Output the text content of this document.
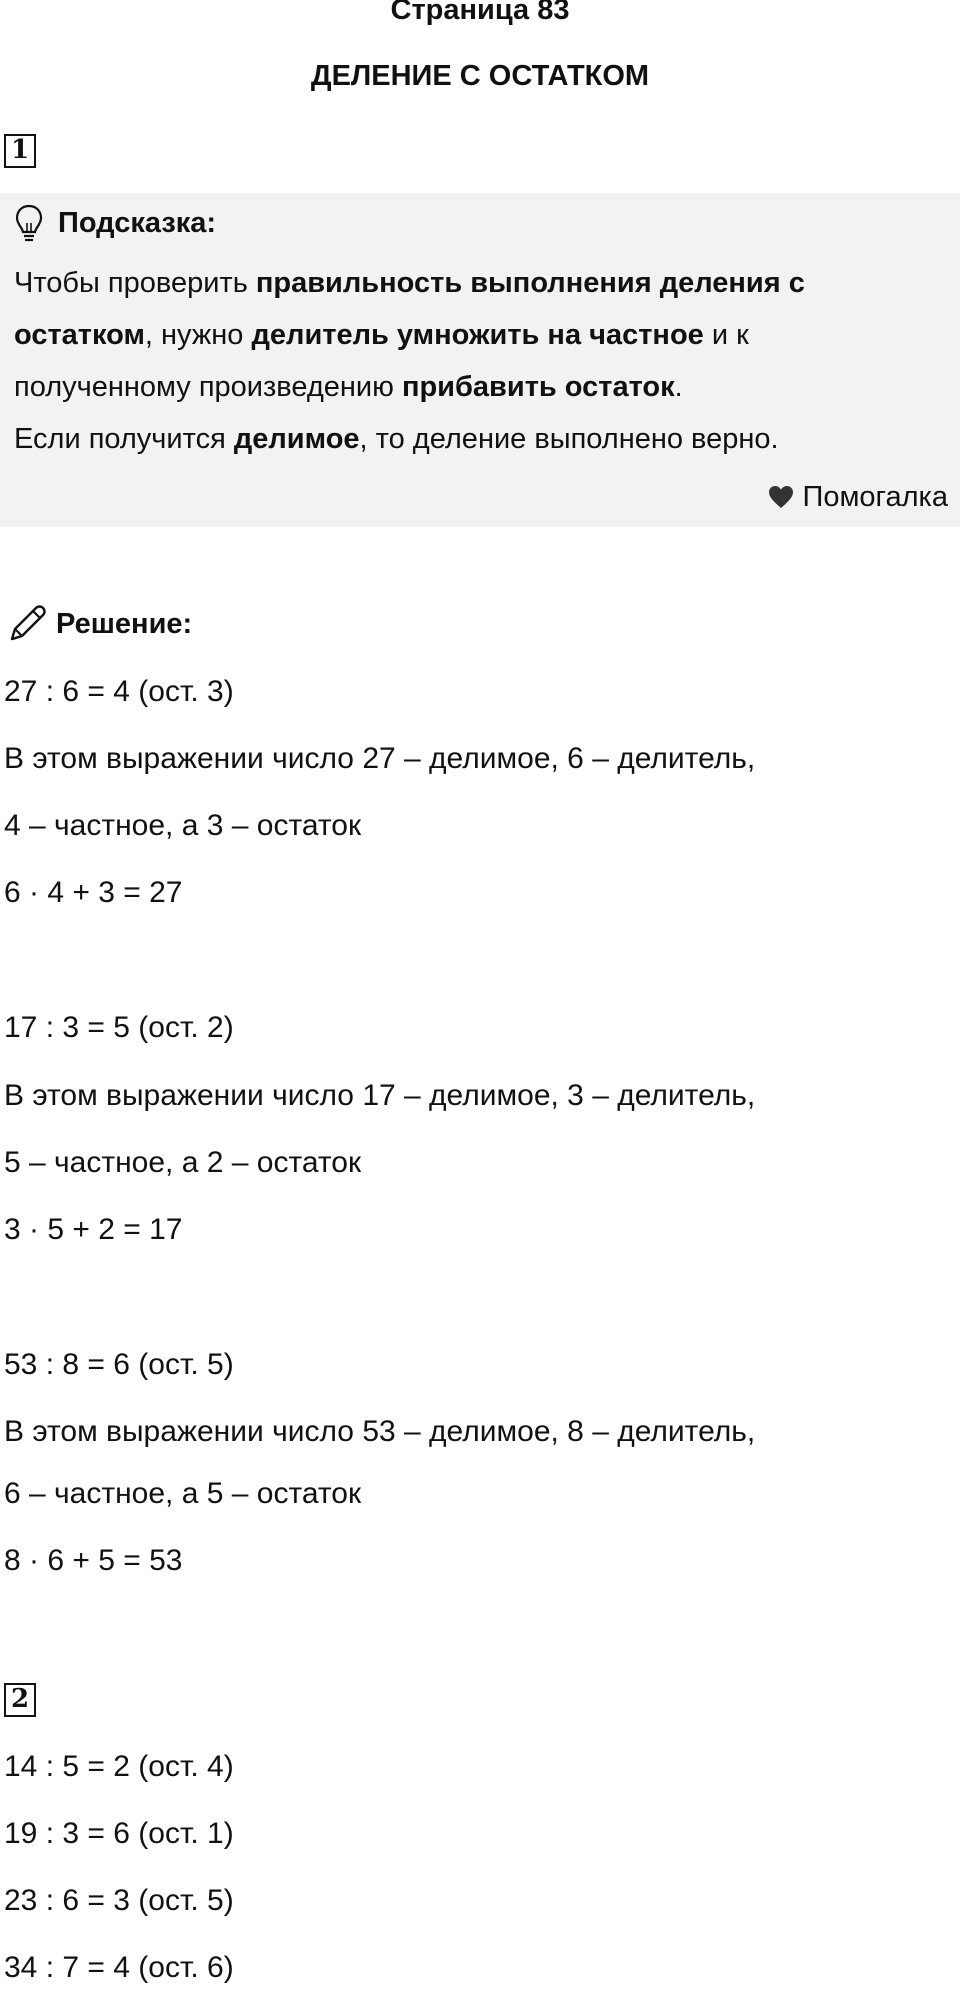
Страница 83
ДЕЛЕНИЕ С ОСТАТКОМ
1
Подсказка:
Чтобы проверить правильность выполнения деления с
остатком, нужно делитель умножить на частное и к
полученному произведению прибавить остаток.
Если получится делимое, то деление выполнено верно.
Помогалка
Решение:
27 : 6 = 4 (ост. 3)
В этом выражении число 27 – делимое, 6 – делитель,
4 – частное, а 3 – остаток
6 · 4 + 3 = 27
17 : 3 = 5 (ост. 2)
В этом выражении число 17 – делимое, 3 – делитель,
5 – частное, а 2 – остаток
3 · 5 + 2 = 17
53 : 8 = 6 (ост. 5)
В этом выражении число 53 – делимое, 8 – делитель,
6 – частное, а 5 – остаток
8 · 6 + 5 = 53
2
14 : 5 = 2 (ост. 4)
19 : 3 = 6 (ост. 1)
23 : 6 = 3 (ост. 5)
34 : 7 = 4 (ост. 6)
